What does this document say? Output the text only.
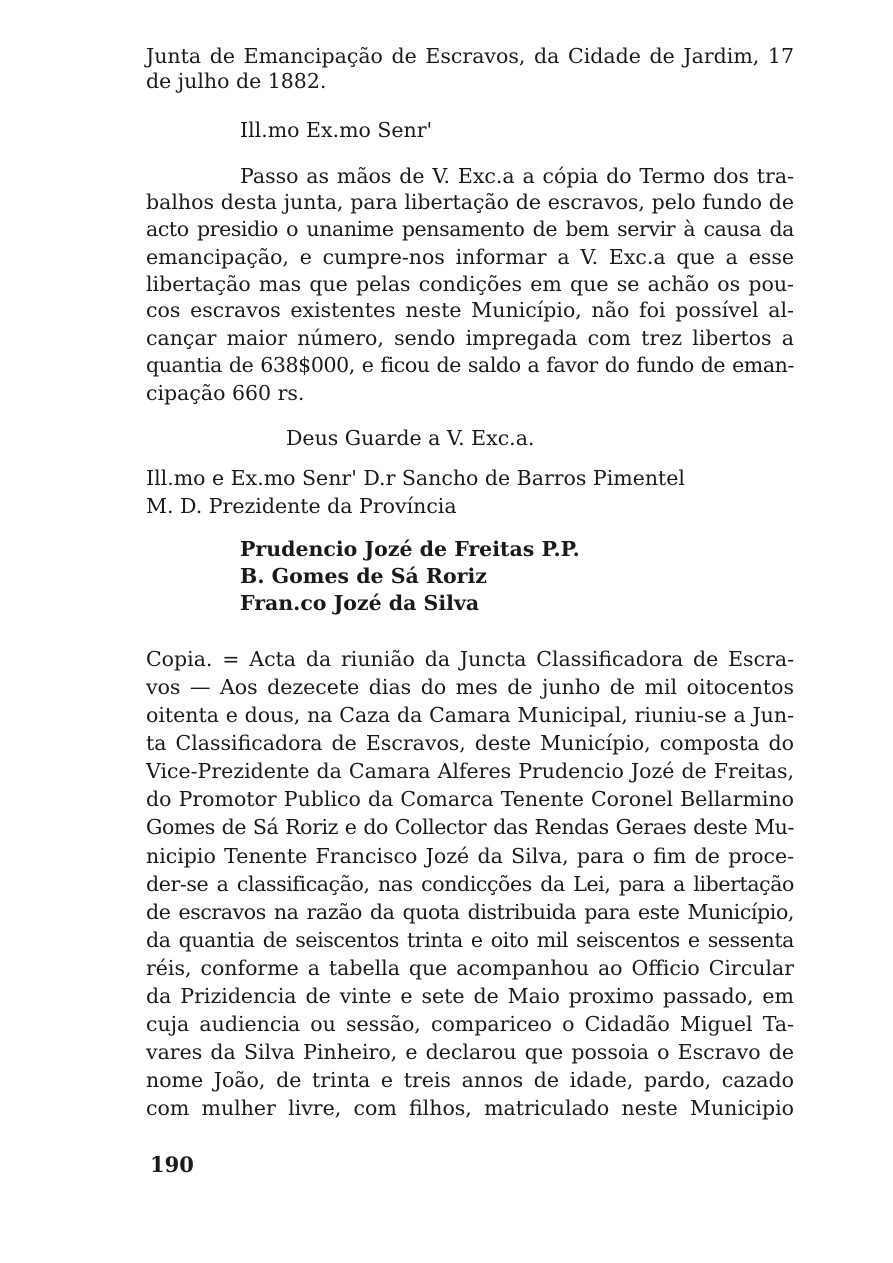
Junta de Emancipação de Escravos, da Cidade de Jardim, 17
de julho de 1882.
Ill.mo Ex.mo Senr'
Passo as mãos de V. Exc.a a cópia do Termo dos tra-
balhos desta junta, para libertação de escravos, pelo fundo de
acto presidio o unanime pensamento de bem servir à causa da
emancipação, e cumpre-nos informar a V. Exc.a que a esse
libertação mas que pelas condições em que se achão os pou-
cos escravos existentes neste Município, não foi possível al-
cançar maior número, sendo impregada com trez libertos a
quantia de 638$000, e ficou de saldo a favor do fundo de eman-
cipação 660 rs.
Deus Guarde a V. Exc.a.
Ill.mo e Ex.mo Senr' D.r Sancho de Barros Pimentel
M. D. Prezidente da Província
Prudencio Jozé de Freitas P.P.
B. Gomes de Sá Roriz
Fran.co Jozé da Silva
Copia. = Acta da riunião da Juncta Classificadora de Escra-
vos — Aos dezecete dias do mes de junho de mil oitocentos
oitenta e dous, na Caza da Camara Municipal, riuniu-se a Jun-
ta Classificadora de Escravos, deste Município, composta do
Vice-Prezidente da Camara Alferes Prudencio Jozé de Freitas,
do Promotor Publico da Comarca Tenente Coronel Bellarmino
Gomes de Sá Roriz e do Collector das Rendas Geraes deste Mu-
nicipio Tenente Francisco Jozé da Silva, para o fim de proce-
der-se a classificação, nas condicções da Lei, para a libertação
de escravos na razão da quota distribuida para este Município,
da quantia de seiscentos trinta e oito mil seiscentos e sessenta
réis, conforme a tabella que acompanhou ao Officio Circular
da Prizidencia de vinte e sete de Maio proximo passado, em
cuja audiencia ou sessão, compariceo o Cidadão Miguel Ta-
vares da Silva Pinheiro, e declarou que possoia o Escravo de
nome João, de trinta e treis annos de idade, pardo, cazado
com mulher livre, com filhos, matriculado neste Municipio
190
